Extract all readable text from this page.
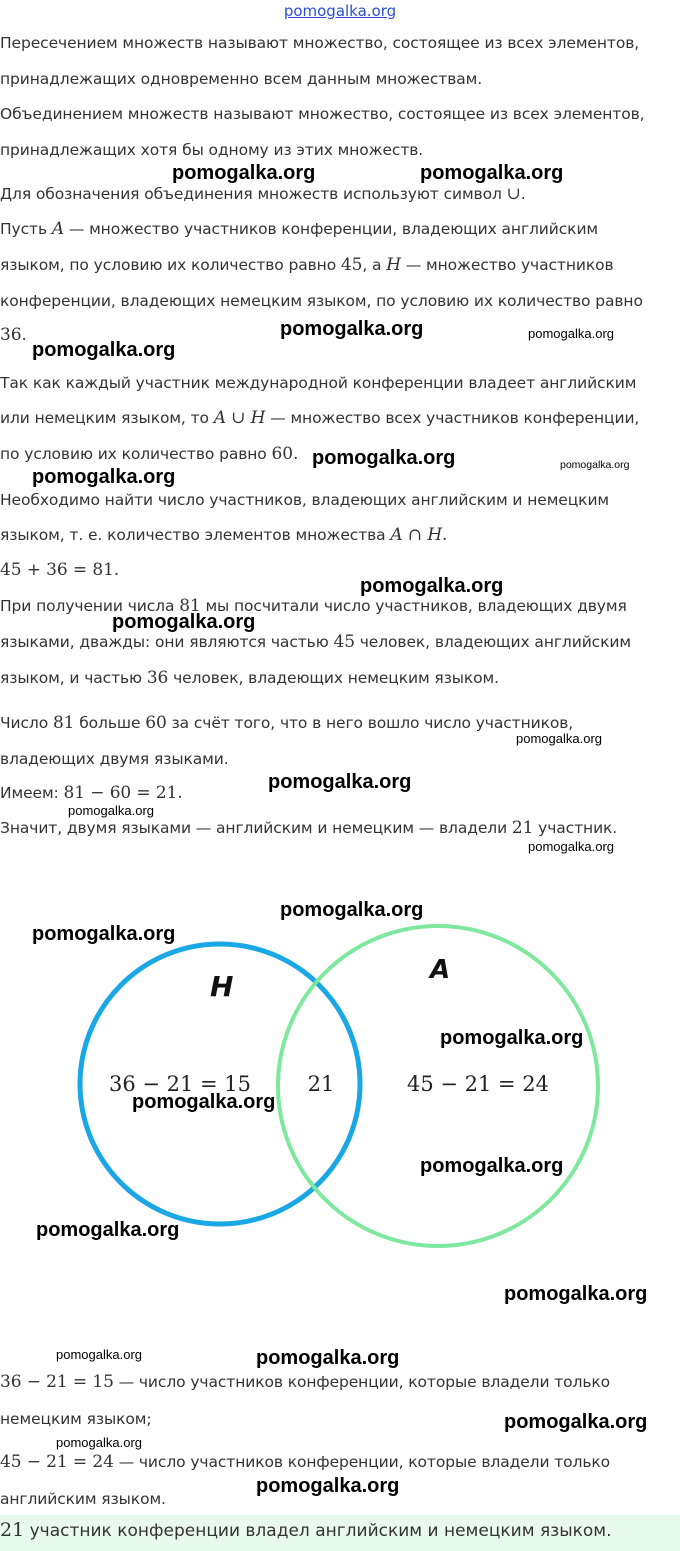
pomogalka.org
Пересечением множеств называют множество, состоящее из всех элементов,
принадлежащих одновременно всем данным множествам.
Объединением множеств называют множество, состоящее из всех элементов,
принадлежащих хотя бы одному из этих множеств.
Для обозначения объединения множеств используют символ ∪.
Пусть A — множество участников конференции, владеющих английским
языком, по условию их количество равно 45, а H — множество участников
конференции, владеющих немецким языком, по условию их количество равно
36.
Так как каждый участник международной конференции владеет английским
или немецким языком, то A ∪ H — множество всех участников конференции,
по условию их количество равно 60.
Необходимо найти число участников, владеющих английским и немецким
языком, т. е. количество элементов множества A ∩ H.
45 + 36 = 81.
При получении числа 81 мы посчитали число участников, владеющих двумя
языками, дважды: они являются частью 45 человек, владеющих английским
языком, и частью 36 человек, владеющих немецким языком.
Число 81 больше 60 за счёт того, что в него вошло число участников,
владеющих двумя языками.
Имеем: 81 − 60 = 21.
Значит, двумя языками — английским и немецким — владели 21 участник.
H	A
36 − 21 = 15	21	45 − 21 = 24
36 − 21 = 15 — число участников конференции, которые владели только
немецким языком;
45 − 21 = 24 — число участников конференции, которые владели только
английским языком.
21 участник конференции владел английским и немецким языком.
pomogalka.org	pomogalka.org
pomogalka.org	pomogalka.org
pomogalka.org
pomogalka.org	pomogalka.org
pomogalka.org
pomogalka.org
pomogalka.org
pomogalka.org
pomogalka.org
pomogalka.org
pomogalka.org
pomogalka.org
pomogalka.org
pomogalka.org
pomogalka.org
pomogalka.org
pomogalka.org
pomogalka.org
pomogalka.org	pomogalka.org
pomogalka.org
pomogalka.org
pomogalka.org
